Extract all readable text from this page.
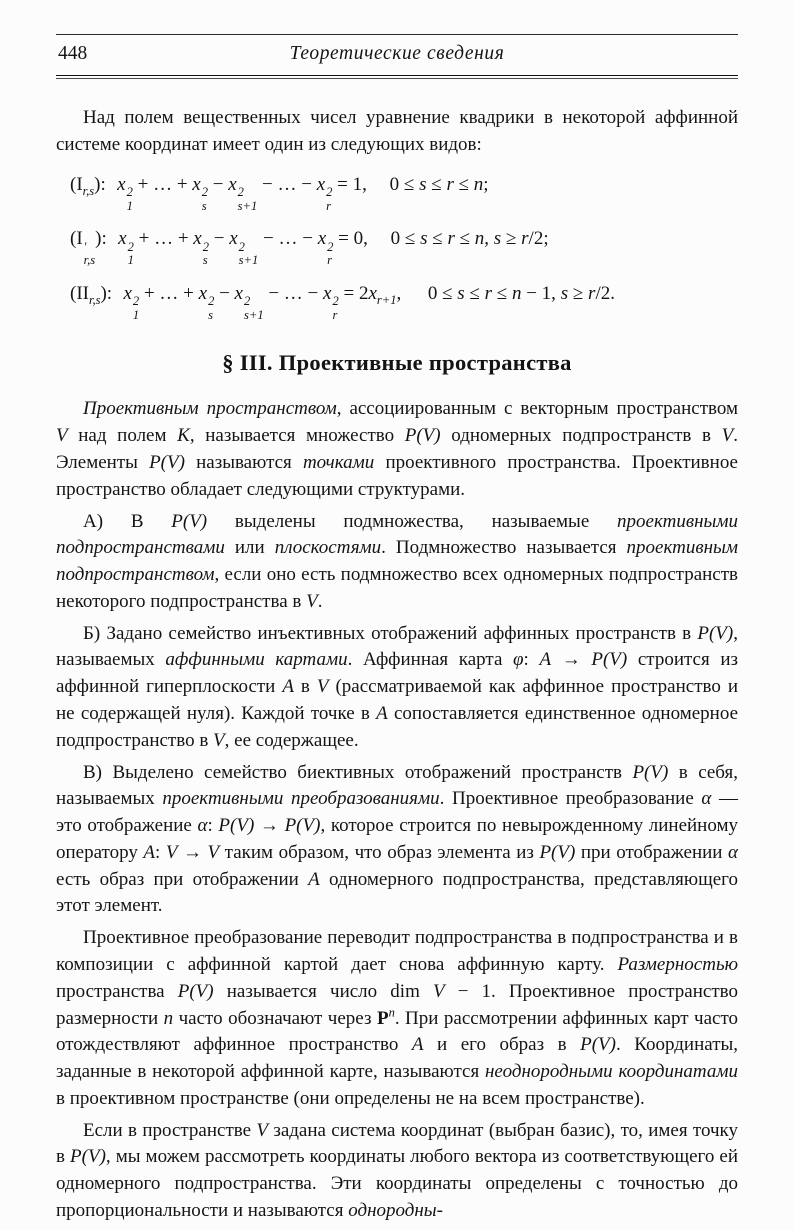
448	Теоретические сведения

Над полем вещественных чисел уравнение квадрики в некоторой аффинной системе координат имеет один из следующих видов:

$(I_{r,s})$: x 2
1
+ … + x 2
s
− x 2
s+1
− … − x 2
r
= 1, 0 ≤ s ≤ r ≤ n;
(I ′
r,s
): x 2
1
+ … + x 2
s
− x 2
s+1
− … − x 2
r
= 0, 0 ≤ s ≤ r ≤ n, s ≥ r/2;
$(II_{r,s})$: x 2
1
+ … + x 2
s
− x 2
s+1
− … − x 2
r
= $2x_{r+1}$, 0 ≤ s ≤ r ≤ n − 1, s ≥ r/2.
§ III. Проективные пространства

Проективным пространством, ассоциированным с векторным пространством V над полем K, называется множество P(V) одномерных подпространств в V. Элементы P(V) называются точками проективного пространства. Проективное пространство обладает следующими структурами.

А) В P(V) выделены подмножества, называемые проективными подпространствами или плоскостями. Подмножество называется проективным подпространством, если оно есть подмножество всех одномерных подпространств некоторого подпространства в V.

Б) Задано семейство инъективных отображений аффинных пространств в P(V), называемых аффинными картами. Аффинная карта φ: A → P(V) строится из аффинной гиперплоскости A в V (рассматриваемой как аффинное пространство и не содержащей нуля). Каждой точке в A сопоставляется единственное одномерное подпространство в V, ее содержащее.

В) Выделено семейство биективных отображений пространств P(V) в себя, называемых проективными преобразованиями. Проективное преобразование α — это отображение α: P(V) → P(V), которое строится по невырожденному линейному оператору A: V → V таким образом, что образ элемента из P(V) при отображении α есть образ при отображении A одномерного подпространства, представляющего этот элемент.

Проективное преобразование переводит подпространства в подпространства и в композиции с аффинной картой дает снова аффинную карту. Размерностью пространства P(V) называется число dim V − 1. Проективное пространство размерности n часто обозначают через $P^n$. При рассмотрении аффинных карт часто отождествляют аффинное пространство A и его образ в P(V). Координаты, заданные в некоторой аффинной карте, называются неоднородными координатами в проективном пространстве (они определены не на всем пространстве).

Если в пространстве V задана система координат (выбран базис), то, имея точку в P(V), мы можем рассмотреть координаты любого вектора из соответствующего ей одномерного подпространства. Эти координаты определены с точностью до пропорциональности и называются однородны-
